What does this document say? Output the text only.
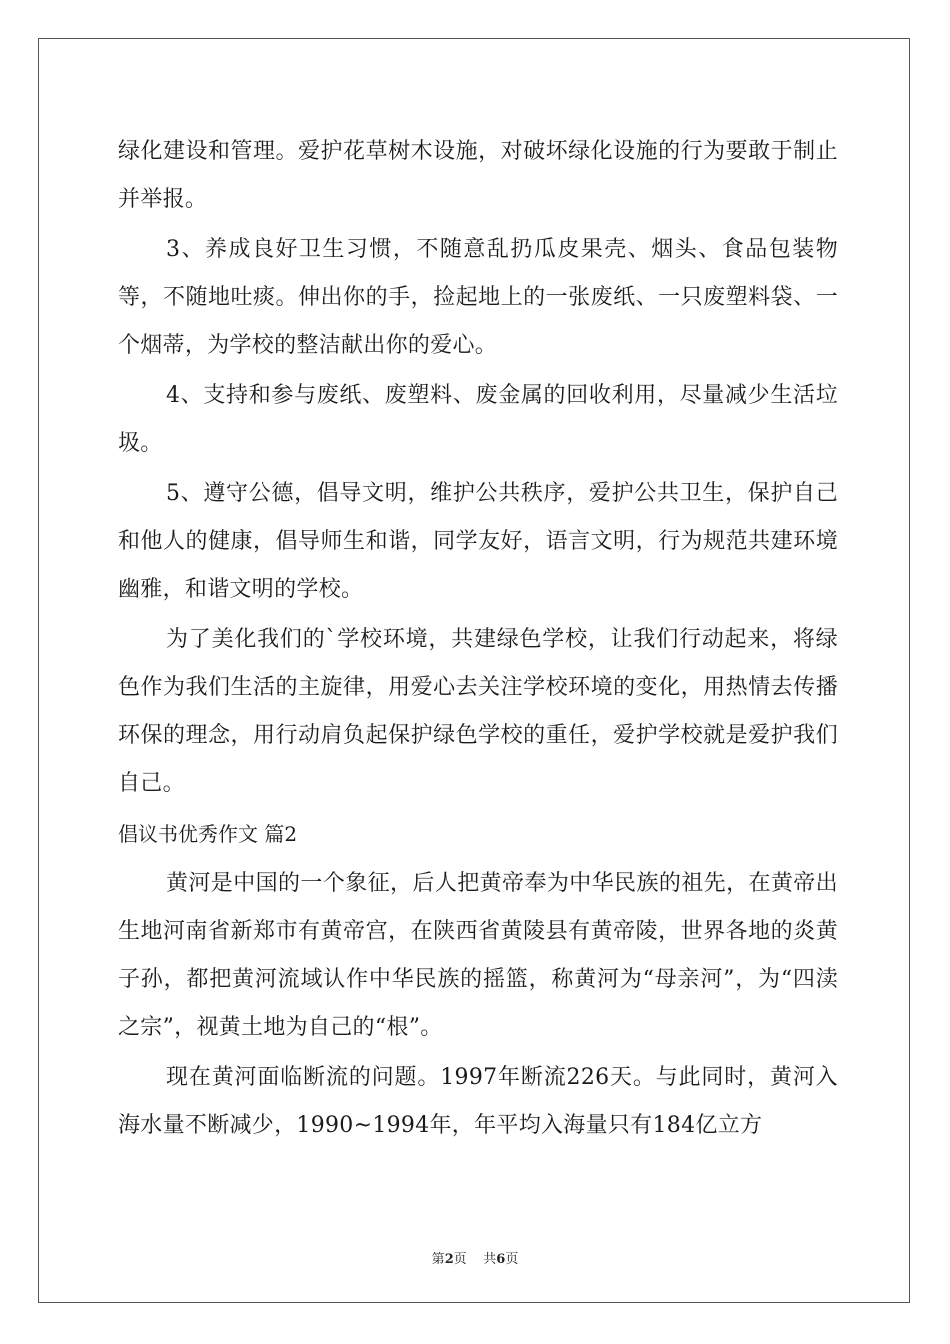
绿化建设和管理。爱护花草树木设施，对破坏绿化设施的行为要敢于制止并举报。

3、养成良好卫生习惯，不随意乱扔瓜皮果壳、烟头、食品包装物等，不随地吐痰。伸出你的手，捡起地上的一张废纸、一只废塑料袋、一个烟蒂，为学校的整洁献出你的爱心。

4、支持和参与废纸、废塑料、废金属的回收利用，尽量减少生活垃圾。

5、遵守公德，倡导文明，维护公共秩序，爱护公共卫生，保护自己和他人的健康，倡导师生和谐，同学友好，语言文明，行为规范共建环境幽雅，和谐文明的学校。

为了美化我们的`学校环境，共建绿色学校，让我们行动起来，将绿色作为我们生活的主旋律，用爱心去关注学校环境的变化，用热情去传播环保的理念，用行动肩负起保护绿色学校的重任，爱护学校就是爱护我们自己。

倡议书优秀作文 篇2

黄河是中国的一个象征，后人把黄帝奉为中华民族的祖先，在黄帝出生地河南省新郑市有黄帝宫，在陕西省黄陵县有黄帝陵，世界各地的炎黄子孙，都把黄河流域认作中华民族的摇篮，称黄河为“母亲河”，为“四渎之宗”，视黄土地为自己的“根”。

现在黄河面临断流的问题。1997年断流226天。与此同时，黄河入海水量不断减少，1990~1994年，年平均入海量只有184亿立方

第2页    共6页
